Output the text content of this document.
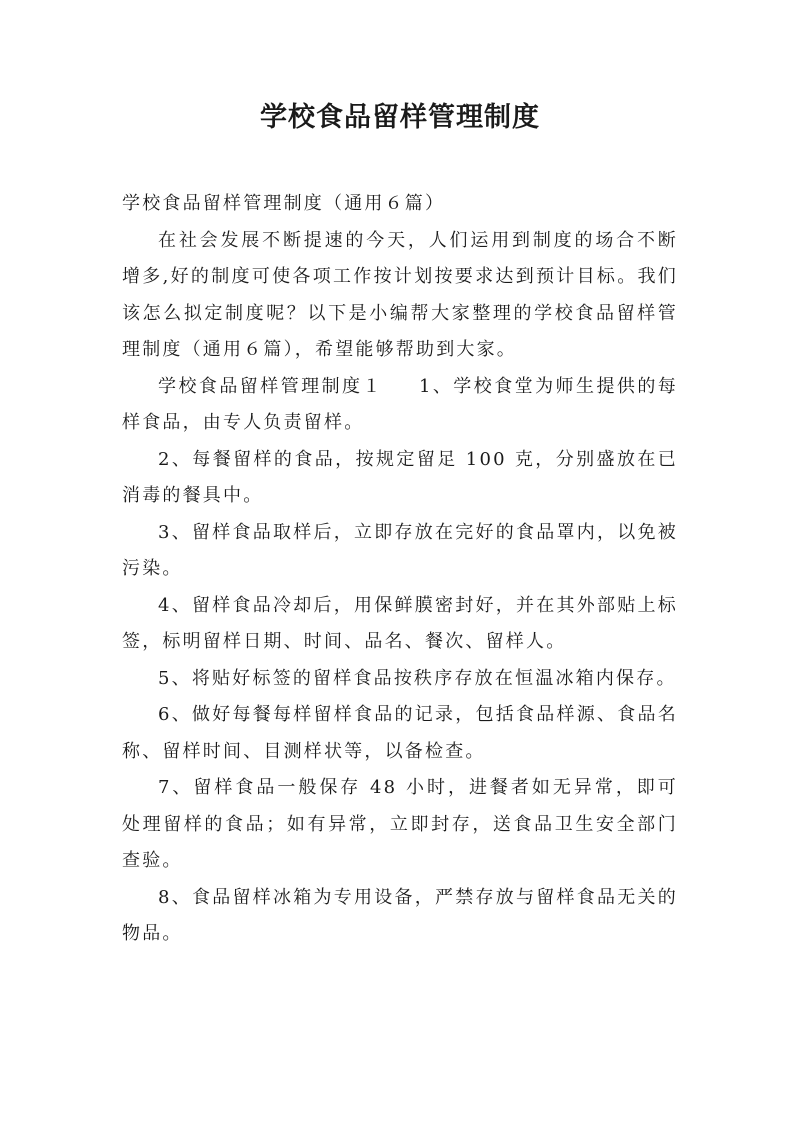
学校食品留样管理制度
学校食品留样管理制度（通用６篇）

在社会发展不断提速的今天，人们运用到制度的场合不断增多,好的制度可使各项工作按计划按要求达到预计目标。我们该怎么拟定制度呢？以下是小编帮大家整理的学校食品留样管理制度（通用６篇），希望能够帮助到大家。

学校食品留样管理制度１ 1、学校食堂为师生提供的每样食品，由专人负责留样。

2、每餐留样的食品，按规定留足 100 克，分别盛放在已消毒的餐具中。

3、留样食品取样后，立即存放在完好的食品罩内，以免被污染。

4、留样食品冷却后，用保鲜膜密封好，并在其外部贴上标签，标明留样日期、时间、品名、餐次、留样人。

5、将贴好标签的留样食品按秩序存放在恒温冰箱内保存。

6、做好每餐每样留样食品的记录，包括食品样源、食品名称、留样时间、目测样状等，以备检查。

7、留样食品一般保存 48 小时，进餐者如无异常，即可处理留样的食品；如有异常，立即封存，送食品卫生安全部门查验。

8、食品留样冰箱为专用设备，严禁存放与留样食品无关的物品。
